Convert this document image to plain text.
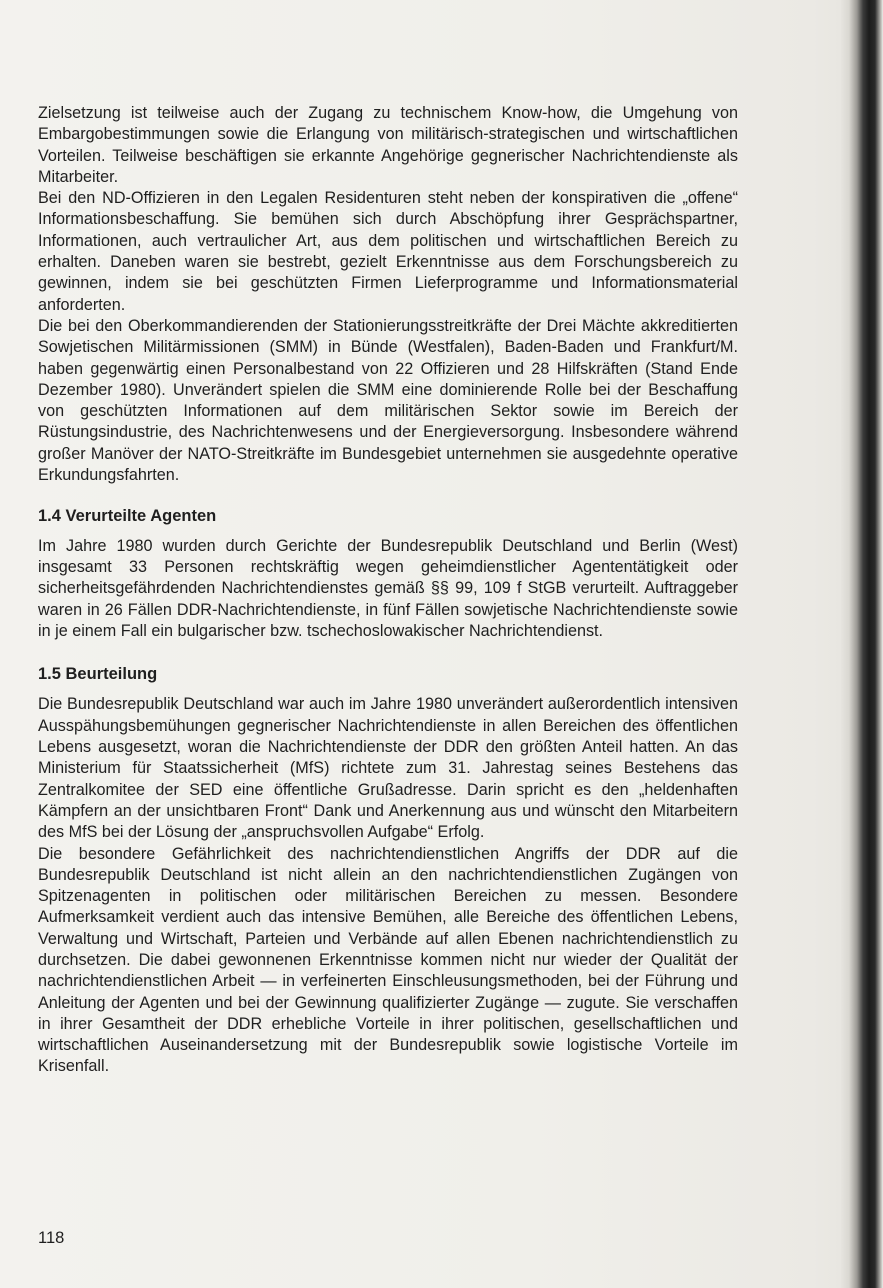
Zielsetzung ist teilweise auch der Zugang zu technischem Know-how, die Umgehung von Embargobestimmungen sowie die Erlangung von militärisch-strategischen und wirtschaftlichen Vorteilen. Teilweise beschäftigen sie erkannte Angehörige gegnerischer Nachrichtendienste als Mitarbeiter.

Bei den ND-Offizieren in den Legalen Residenturen steht neben der konspirativen die „offene“ Informationsbeschaffung. Sie bemühen sich durch Abschöpfung ihrer Gesprächspartner, Informationen, auch vertraulicher Art, aus dem politischen und wirtschaftlichen Bereich zu erhalten. Daneben waren sie bestrebt, gezielt Erkenntnisse aus dem Forschungsbereich zu gewinnen, indem sie bei geschützten Firmen Lieferprogramme und Informationsmaterial anforderten.

Die bei den Oberkommandierenden der Stationierungsstreitkräfte der Drei Mächte akkreditierten Sowjetischen Militärmissionen (SMM) in Bünde (Westfalen), Baden-Baden und Frankfurt/M. haben gegenwärtig einen Personalbestand von 22 Offizieren und 28 Hilfskräften (Stand Ende Dezember 1980). Unverändert spielen die SMM eine dominierende Rolle bei der Beschaffung von geschützten Informationen auf dem militärischen Sektor sowie im Bereich der Rüstungsindustrie, des Nachrichtenwesens und der Energieversorgung. Insbesondere während großer Manöver der NATO-Streitkräfte im Bundesgebiet unternehmen sie ausgedehnte operative Erkundungsfahrten.

1.4 Verurteilte Agenten

Im Jahre 1980 wurden durch Gerichte der Bundesrepublik Deutschland und Berlin (West) insgesamt 33 Personen rechtskräftig wegen geheimdienstlicher Agententätigkeit oder sicherheitsgefährdenden Nachrichtendienstes gemäß §§ 99, 109 f StGB verurteilt. Auftraggeber waren in 26 Fällen DDR-Nachrichtendienste, in fünf Fällen sowjetische Nachrichtendienste sowie in je einem Fall ein bulgarischer bzw. tschechoslowakischer Nachrichtendienst.

1.5 Beurteilung

Die Bundesrepublik Deutschland war auch im Jahre 1980 unverändert außerordentlich intensiven Ausspähungsbemühungen gegnerischer Nachrichtendienste in allen Bereichen des öffentlichen Lebens ausgesetzt, woran die Nachrichtendienste der DDR den größten Anteil hatten. An das Ministerium für Staatssicherheit (MfS) richtete zum 31. Jahrestag seines Bestehens das Zentralkomitee der SED eine öffentliche Grußadresse. Darin spricht es den „heldenhaften Kämpfern an der unsichtbaren Front“ Dank und Anerkennung aus und wünscht den Mitarbeitern des MfS bei der Lösung der „anspruchsvollen Aufgabe“ Erfolg.

Die besondere Gefährlichkeit des nachrichtendienstlichen Angriffs der DDR auf die Bundesrepublik Deutschland ist nicht allein an den nachrichtendienstlichen Zugängen von Spitzenagenten in politischen oder militärischen Bereichen zu messen. Besondere Aufmerksamkeit verdient auch das intensive Bemühen, alle Bereiche des öffentlichen Lebens, Verwaltung und Wirtschaft, Parteien und Verbände auf allen Ebenen nachrichtendienstlich zu durchsetzen. Die dabei gewonnenen Erkenntnisse kommen nicht nur wieder der Qualität der nachrichtendienstlichen Arbeit — in verfeinerten Einschleusungsmethoden, bei der Führung und Anleitung der Agenten und bei der Gewinnung qualifizierter Zugänge — zugute. Sie verschaffen in ihrer Gesamtheit der DDR erhebliche Vorteile in ihrer politischen, gesellschaftlichen und wirtschaftlichen Auseinandersetzung mit der Bundesrepublik sowie logistische Vorteile im Krisenfall.

118
